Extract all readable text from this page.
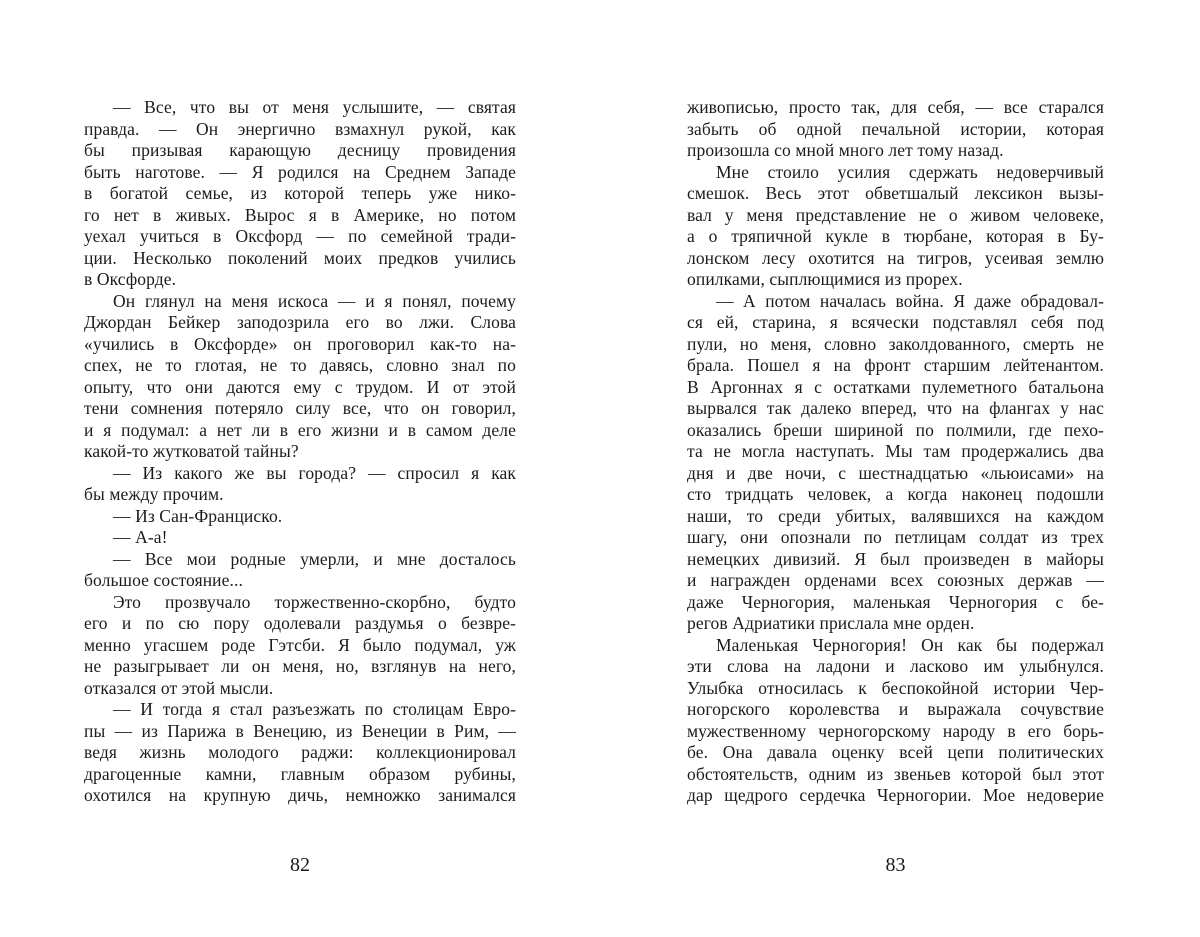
— Все, что вы от меня услышите, — святая
правда. — Он энергично взмахнул рукой, как
бы призывая карающую десницу провидения
быть наготове. — Я родился на Среднем Западе
в богатой семье, из которой теперь уже нико-
го нет в живых. Вырос я в Америке, но потом
уехал учиться в Оксфорд — по семейной тради-
ции. Несколько поколений моих предков учились
в Оксфорде.
Он глянул на меня искоса — и я понял, почему
Джордан Бейкер заподозрила его во лжи. Слова
«учились в Оксфорде» он проговорил как-то на-
спех, не то глотая, не то давясь, словно знал по
опыту, что они даются ему с трудом. И от этой
тени сомнения потеряло силу все, что он говорил,
и я подумал: а нет ли в его жизни и в самом деле
какой-то жутковатой тайны?
— Из какого же вы города? — спросил я как
бы между прочим.
— Из Сан-Франциско.
— А-а!
— Все мои родные умерли, и мне досталось
большое состояние...
Это прозвучало торжественно-скорбно, будто
его и по сю пору одолевали раздумья о безвре-
менно угасшем роде Гэтсби. Я было подумал, уж
не разыгрывает ли он меня, но, взглянув на него,
отказался от этой мысли.
— И тогда я стал разъезжать по столицам Евро-
пы — из Парижа в Венецию, из Венеции в Рим, —
ведя жизнь молодого раджи: коллекционировал
драгоценные камни, главным образом рубины,
охотился на крупную дичь, немножко занимался
82
живописью, просто так, для себя, — все старался
забыть об одной печальной истории, которая
произошла со мной много лет тому назад.
Мне стоило усилия сдержать недоверчивый
смешок. Весь этот обветшалый лексикон вызы-
вал у меня представление не о живом человеке,
а о тряпичной кукле в тюрбане, которая в Бу-
лонском лесу охотится на тигров, усеивая землю
опилками, сыплющимися из прорех.
— А потом началась война. Я даже обрадовал-
ся ей, старина, я всячески подставлял себя под
пули, но меня, словно заколдованного, смерть не
брала. Пошел я на фронт старшим лейтенантом.
В Аргоннах я с остатками пулеметного батальона
вырвался так далеко вперед, что на флангах у нас
оказались бреши шириной по полмили, где пехо-
та не могла наступать. Мы там продержались два
дня и две ночи, с шестнадцатью «льюисами» на
сто тридцать человек, а когда наконец подошли
наши, то среди убитых, валявшихся на каждом
шагу, они опознали по петлицам солдат из трех
немецких дивизий. Я был произведен в майоры
и награжден орденами всех союзных держав —
даже Черногория, маленькая Черногория с бе-
регов Адриатики прислала мне орден.
Маленькая Черногория! Он как бы подержал
эти слова на ладони и ласково им улыбнулся.
Улыбка относилась к беспокойной истории Чер-
ногорского королевства и выражала сочувствие
мужественному черногорскому народу в его борь-
бе. Она давала оценку всей цепи политических
обстоятельств, одним из звеньев которой был этот
дар щедрого сердечка Черногории. Мое недоверие
83
